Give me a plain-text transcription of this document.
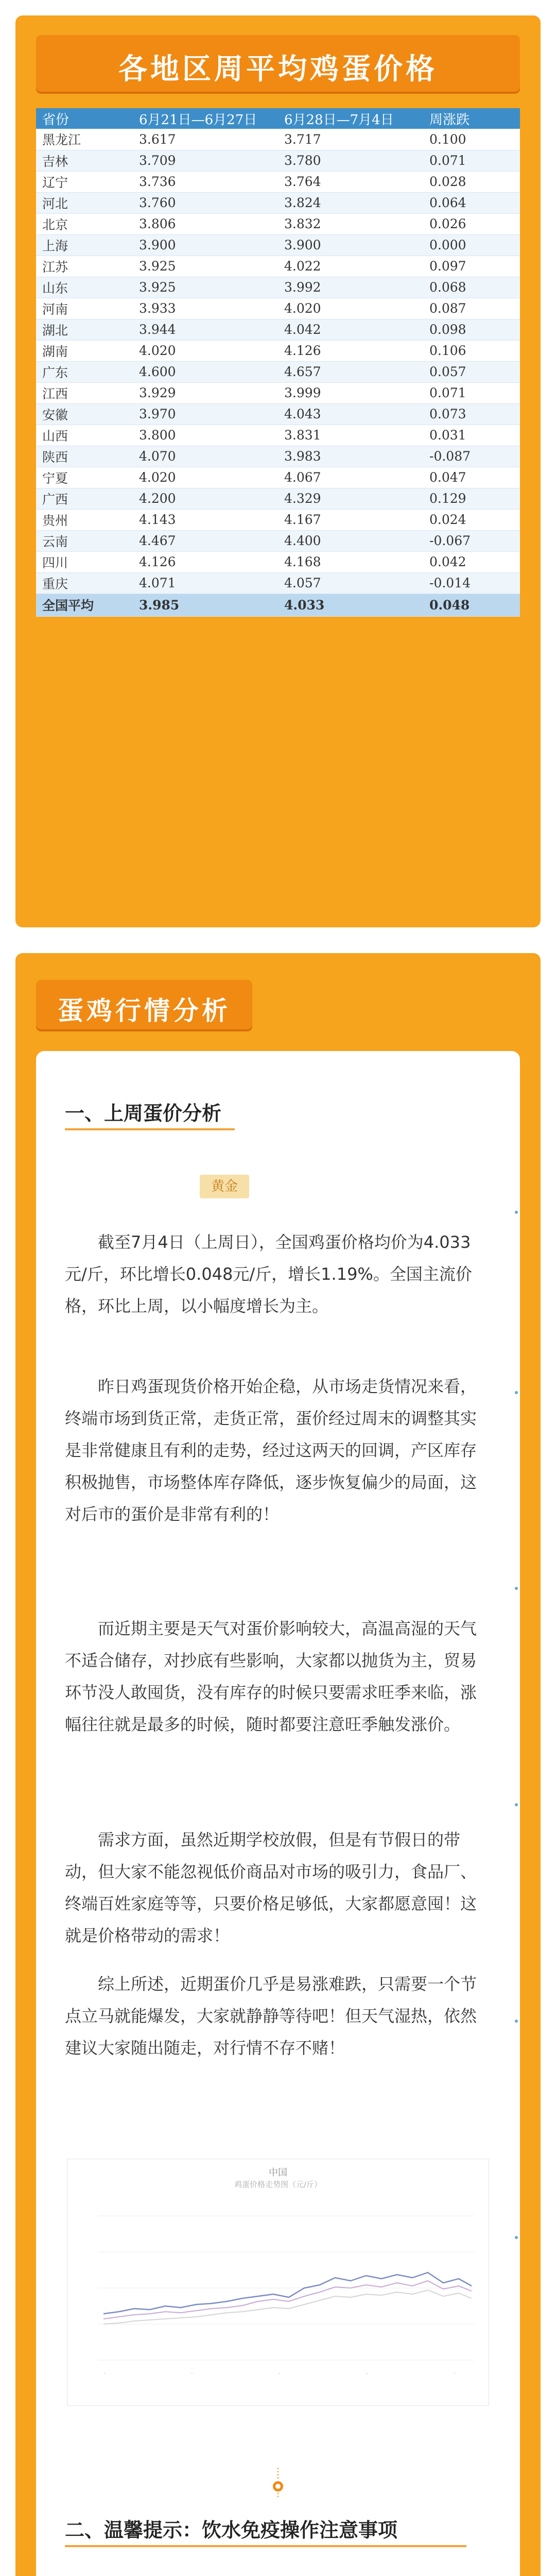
各地区周平均鸡蛋价格
省份	6月21日—6月27日	6月28日—7月4日	周涨跌
黑龙江	3.617	3.717	0.100
吉林	3.709	3.780	0.071
辽宁	3.736	3.764	0.028
河北	3.760	3.824	0.064
北京	3.806	3.832	0.026
上海	3.900	3.900	0.000
江苏	3.925	4.022	0.097
山东	3.925	3.992	0.068
河南	3.933	4.020	0.087
湖北	3.944	4.042	0.098
湖南	4.020	4.126	0.106
广东	4.600	4.657	0.057
江西	3.929	3.999	0.071
安徽	3.970	4.043	0.073
山西	3.800	3.831	0.031
陕西	4.070	3.983	-0.087
宁夏	4.020	4.067	0.047
广西	4.200	4.329	0.129
贵州	4.143	4.167	0.024
云南	4.467	4.400	-0.067
四川	4.126	4.168	0.042
重庆	4.071	4.057	-0.014
全国平均	3.985	4.033	0.048
蛋鸡行情分析
一、上周蛋价分析
黄金
截至7月4日（上周日），全国鸡蛋价格均价为4.033元/斤，环比增长0.048元/斤，增长1.19%。全国主流价格，环比上周，以小幅度增长为主。
昨日鸡蛋现货价格开始企稳，从市场走货情况来看，终端市场到货正常，走货正常，蛋价经过周末的调整其实是非常健康且有利的走势，经过这两天的回调，产区库存积极抛售，市场整体库存降低，逐步恢复偏少的局面，这对后市的蛋价是非常有利的！
而近期主要是天气对蛋价影响较大，高温高湿的天气不适合储存，对抄底有些影响，大家都以抛货为主，贸易环节没人敢囤货，没有库存的时候只要需求旺季来临，涨幅往往就是最多的时候，随时都要注意旺季触发涨价。
需求方面，虽然近期学校放假，但是有节假日的带动，但大家不能忽视低价商品对市场的吸引力，食品厂、终端百姓家庭等等，只要价格足够低，大家都愿意囤！这就是价格带动的需求！
综上所述，近期蛋价几乎是易涨难跌，只需要一个节点立马就能爆发，大家就静静等待吧！但天气湿热，依然建议大家随出随走，对行情不存不赌！
中国
鸡蛋价格走势图（元/斤）
·	·	·	·	·
二、温馨提示：饮水免疫操作注意事项
